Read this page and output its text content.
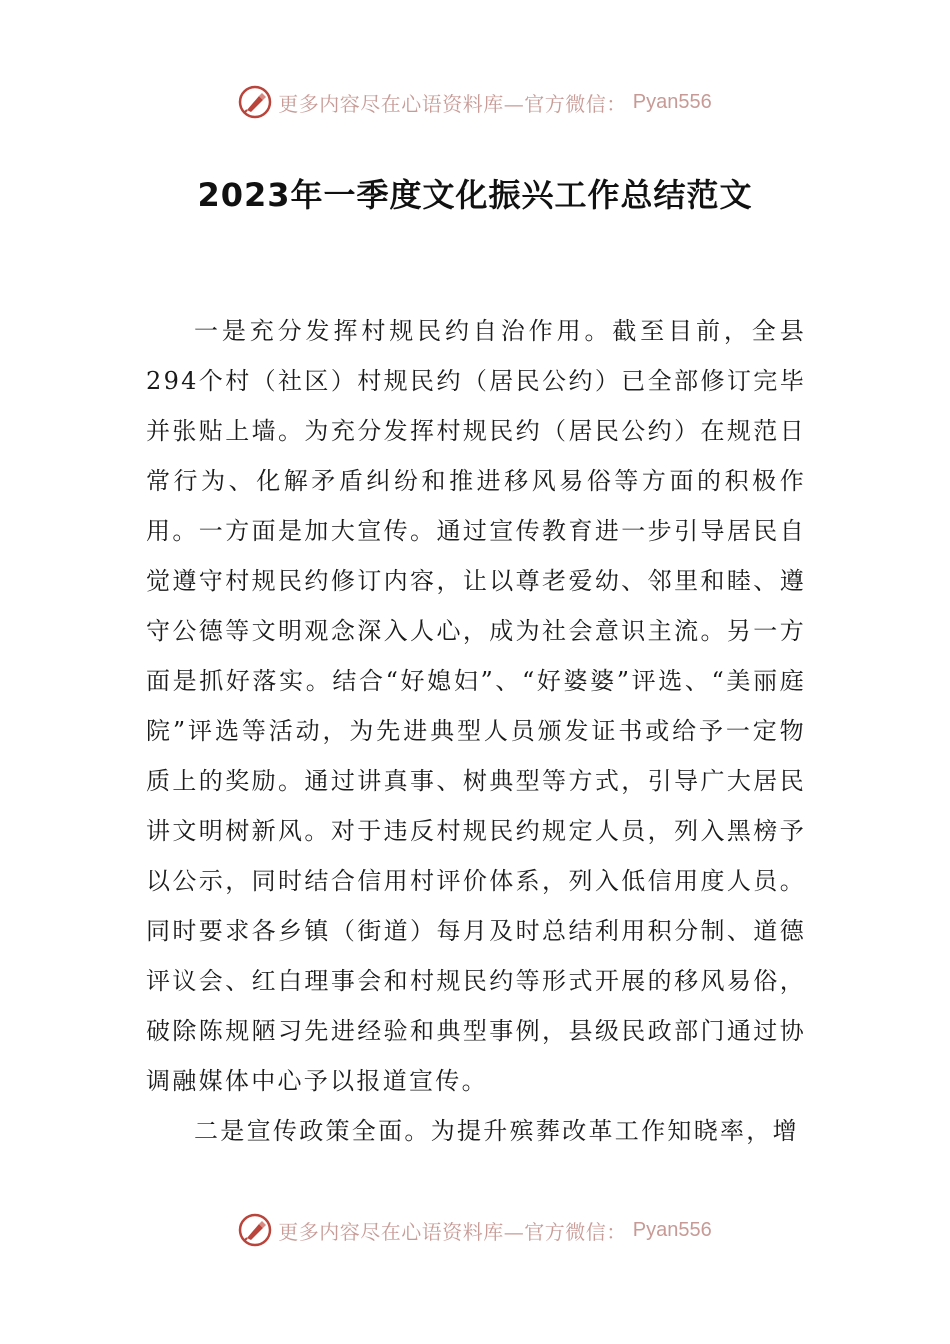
更多内容尽在心语资料库—官方微信： Pyan556
2023年一季度文化振兴工作总结范文

一是充分发挥村规民约自治作用。截至目前，全县294个村（社区）村规民约（居民公约）已全部修订完毕并张贴上墙。为充分发挥村规民约（居民公约）在规范日常行为、化解矛盾纠纷和推进移风易俗等方面的积极作用。一方面是加大宣传。通过宣传教育进一步引导居民自觉遵守村规民约修订内容，让以尊老爱幼、邻里和睦、遵守公德等文明观念深入人心，成为社会意识主流。另一方面是抓好落实。结合“好媳妇”、“好婆婆”评选、“美丽庭院”评选等活动，为先进典型人员颁发证书或给予一定物质上的奖励。通过讲真事、树典型等方式，引导广大居民讲文明树新风。对于违反村规民约规定人员，列入黑榜予以公示，同时结合信用村评价体系，列入低信用度人员。同时要求各乡镇（街道）每月及时总结利用积分制、道德评议会、红白理事会和村规民约等形式开展的移风易俗，破除陈规陋习先进经验和典型事例，县级民政部门通过协调融媒体中心予以报道宣传。

二是宣传政策全面。为提升殡葬改革工作知晓率，增

更多内容尽在心语资料库—官方微信： Pyan556
